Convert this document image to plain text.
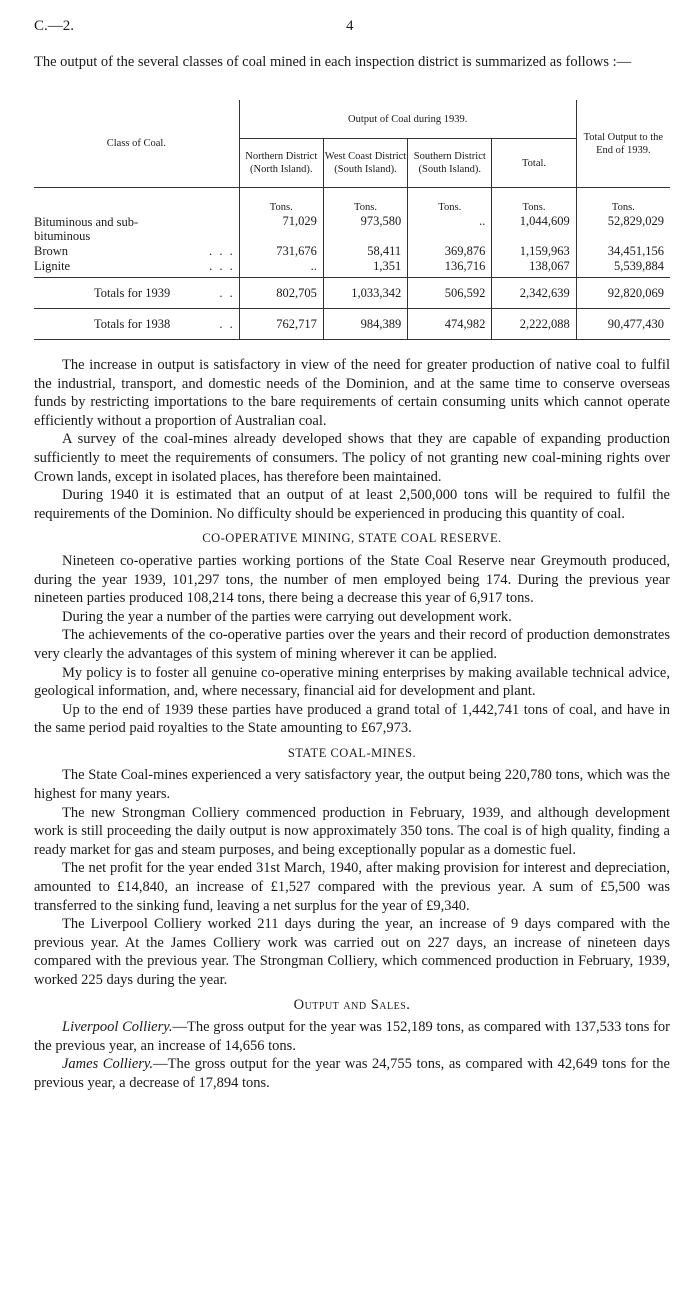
C.—2.	4
The output of the several classes of coal mined in each inspection district is summarized as follows :—
Class of Coal.	Output of Coal during 1939.				Total Output to the End of 1939.
	Northern District (North Island).	West Coast District (South Island).	Southern District (South Island).	Total.	
	Tons.	Tons.	Tons.	Tons.	Tons.
Bituminous and sub-bituminous	71,029	973,580	..	1,044,609	52,829,029
Brown . . .	731,676	58,411	369,876	1,159,963	34,451,156
Lignite . . .	..	1,351	136,716	138,067	5,539,884
Totals for 1939 . .	802,705	1,033,342	506,592	2,342,639	92,820,069
Totals for 1938 . .	762,717	984,389	474,982	2,222,088	90,477,430

The increase in output is satisfactory in view of the need for greater production of native coal to fulfil the industrial, transport, and domestic needs of the Dominion, and at the same time to conserve overseas funds by restricting importations to the bare requirements of certain consuming units which cannot operate efficiently without a proportion of Australian coal.

A survey of the coal-mines already developed shows that they are capable of expanding production sufficiently to meet the requirements of consumers. The policy of not granting new coal-mining rights over Crown lands, except in isolated places, has therefore been maintained.

During 1940 it is estimated that an output of at least 2,500,000 tons will be required to fulfil the requirements of the Dominion. No difficulty should be experienced in producing this quantity of coal.

CO-OPERATIVE MINING, STATE COAL RESERVE.

Nineteen co-operative parties working portions of the State Coal Reserve near Greymouth produced, during the year 1939, 101,297 tons, the number of men employed being 174. During the previous year nineteen parties produced 108,214 tons, there being a decrease this year of 6,917 tons.

During the year a number of the parties were carrying out development work.

The achievements of the co-operative parties over the years and their record of production demonstrates very clearly the advantages of this system of mining wherever it can be applied.

My policy is to foster all genuine co-operative mining enterprises by making available technical advice, geological information, and, where necessary, financial aid for development and plant.

Up to the end of 1939 these parties have produced a grand total of 1,442,741 tons of coal, and have in the same period paid royalties to the State amounting to £67,973.

STATE COAL-MINES.

The State Coal-mines experienced a very satisfactory year, the output being 220,780 tons, which was the highest for many years.

The new Strongman Colliery commenced production in February, 1939, and although development work is still proceeding the daily output is now approximately 350 tons. The coal is of high quality, finding a ready market for gas and steam purposes, and being exceptionally popular as a domestic fuel.

The net profit for the year ended 31st March, 1940, after making provision for interest and depreciation, amounted to £14,840, an increase of £1,527 compared with the previous year. A sum of £5,500 was transferred to the sinking fund, leaving a net surplus for the year of £9,340.

The Liverpool Colliery worked 211 days during the year, an increase of 9 days compared with the previous year. At the James Colliery work was carried out on 227 days, an increase of nineteen days compared with the previous year. The Strongman Colliery, which commenced production in February, 1939, worked 225 days during the year.

Output and Sales.

Liverpool Colliery.—The gross output for the year was 152,189 tons, as compared with 137,533 tons for the previous year, an increase of 14,656 tons.

James Colliery.—The gross output for the year was 24,755 tons, as compared with 42,649 tons for the previous year, a decrease of 17,894 tons.
